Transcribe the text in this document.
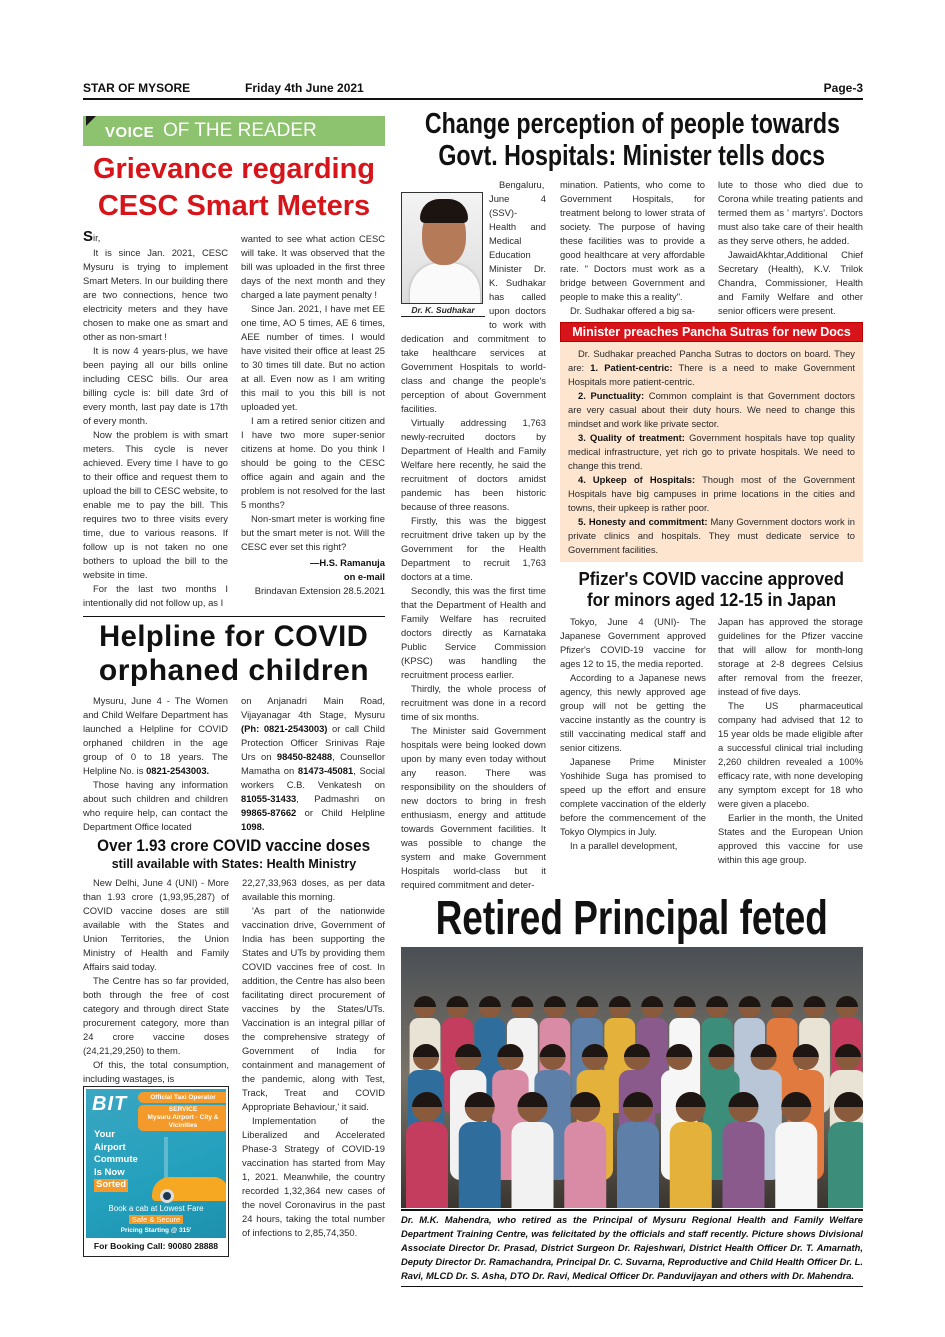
STAR OF MYSORE	Friday 4th June 2021	Page-3
VOICE OF THE READER
Grievance regarding
CESC Smart Meters
Sir,

It is since Jan. 2021, CESC Mysuru is trying to implement Smart Meters. In our building there are two connections, hence two electricity meters and they have chosen to make one as smart and other as non-smart !

It is now 4 years-plus, we have been paying all our bills online including CESC bills. Our area billing cycle is: bill date 3rd of every month, last pay date is 17th of every month.

Now the problem is with smart meters. This cycle is never achieved. Every time I have to go to their office and request them to upload the bill to CESC website, to enable me to pay the bill. This requires two to three visits every time, due to various reasons. If follow up is not taken no one bothers to upload the bill to the website in time.

For the last two months I intentionally did not follow up, as I

wanted to see what action CESC will take. It was observed that the bill was uploaded in the first three days of the next month and they charged a late payment penalty !

Since Jan. 2021, I have met EE one time, AO 5 times, AE 6 times, AEE number of times. I would have visited their office at least 25 to 30 times till date. But no action at all. Even now as I am writing this mail to you this bill is not uploaded yet.

I am a retired senior citizen and I have two more super-senior citizens at home. Do you think I should be going to the CESC office again and again and the problem is not resolved for the last 5 months?

Non-smart meter is working fine but the smart meter is not. Will the CESC ever set this right?

—H.S. Ramanuja
on e-mail
Brindavan Extension 28.5.2021
Helpline for COVID
orphaned children

Mysuru, June 4 - The Women and Child Welfare Department has launched a Helpline for COVID orphaned children in the age group of 0 to 18 years. The Helpline No. is 0821-2543003.

Those having any information about such children and children who require help, can contact the Department Office located

on Anjanadri Main Road, Vijayanagar 4th Stage, Mysuru (Ph: 0821-2543003) or call Child Protection Officer Srinivas Raje Urs on 98450-82488, Counsellor Mamatha on 81473-45081, Social workers C.B. Venkatesh on 81055-31433, Padmashri on 99865-87662 or Child Helpline 1098.

Over 1.93 crore COVID vaccine doses
still available with States: Health Ministry

New Delhi, June 4 (UNI) - More than 1.93 crore (1,93,95,287) of COVID vaccine doses are still available with the States and Union Territories, the Union Ministry of Health and Family Affairs said today.

The Centre has so far provided, both through the free of cost category and through direct State procurement category, more than 24 crore vaccine doses (24,21,29,250) to them.

Of this, the total consumption, including wastages, is

BIT	Official Taxi Operator
SERVICE
Mysuru Airport · City & Vicinities
Your
Airport
Commute
Is Now
Sorted
Book a cab at Lowest Fare
Safe & Secure
Pricing Starting @ 315'
For Booking Call: 90080 28888

22,27,33,963 doses, as per data available this morning.

'As part of the nationwide vaccination drive, Government of India has been supporting the States and UTs by providing them COVID vaccines free of cost. In addition, the Centre has also been facilitating direct procurement of vaccines by the States/UTs. Vaccination is an integral pillar of the comprehensive strategy of Government of India for containment and management of the pandemic, along with Test, Track, Treat and COVID Appropriate Behaviour,' it said.

Implementation of the Liberalized and Accelerated Phase-3 Strategy of COVID-19 vaccination has started from May 1, 2021. Meanwhile, the country recorded 1,32,364 new cases of the novel Coronavirus in the past 24 hours, taking the total number of infections to 2,85,74,350.

Change perception of people towards
Govt. Hospitals: Minister tells docs
Dr. K. Sudhakar

Bengaluru, June 4 (SSV)- Health and Medical Education Minister Dr. K. Sudhakar has called upon doctors to work with dedication and commitment to take healthcare services at Government Hospitals to world-class and change the people's perception of about Government facilities.

Virtually addressing 1,763 newly-recruited doctors by Department of Health and Family Welfare here recently, he said the recruitment of doctors amidst pandemic has been historic because of three reasons.

Firstly, this was the biggest recruitment drive taken up by the Government for the Health Department to recruit 1,763 doctors at a time.

Secondly, this was the first time that the Department of Health and Family Welfare has recruited doctors directly as Karnataka Public Service Commission (KPSC) was handling the recruitment process earlier.

Thirdly, the whole process of recruitment was done in a record time of six months.

The Minister said Government hospitals were being looked down upon by many even today without any reason. There was responsibility on the shoulders of new doctors to bring in fresh enthusiasm, energy and attitude towards Government facilities. It was possible to change the system and make Government Hospitals world-class but it required commitment and deter-

mination. Patients, who come to Government Hospitals, for treatment belong to lower strata of society. The purpose of having these facilities was to provide a good healthcare at very affordable rate. " Doctors must work as a bridge between Government and people to make this a reality".

Dr. Sudhakar offered a big sa-

lute to those who died due to Corona while treating patients and termed them as ' martyrs'. Doctors must also take care of their health as they serve others, he added.

JawaidAkhtar,Additional Chief Secretary (Health), K.V. Trilok Chandra, Commissioner, Health and Family Welfare and other senior officers were present.

Minister preaches Pancha Sutras for new Docs

Dr. Sudhakar preached Pancha Sutras to doctors on board. They are: 1. Patient-centric: There is a need to make Government Hospitals more patient-centric.

2. Punctuality: Common complaint is that Government doctors are very casual about their duty hours. We need to change this mindset and work like private sector.

3. Quality of treatment: Government hospitals have top quality medical infrastructure, yet rich go to private hospitals. We need to change this trend.

4. Upkeep of Hospitals: Though most of the Government Hospitals have big campuses in prime locations in the cities and towns, their upkeep is rather poor.

5. Honesty and commitment: Many Government doctors work in private clinics and hospitals. They must dedicate service to Government facilities.

Pfizer's COVID vaccine approved
for minors aged 12-15 in Japan

Tokyo, June 4 (UNI)- The Japanese Government approved Pfizer's COVID-19 vaccine for ages 12 to 15, the media reported.

According to a Japanese news agency, this newly approved age group will not be getting the vaccine instantly as the country is still vaccinating medical staff and senior citizens.

Japanese Prime Minister Yoshihide Suga has promised to speed up the effort and ensure complete vaccination of the elderly before the commencement of the Tokyo Olympics in July.

In a parallel development,

Japan has approved the storage guidelines for the Pfizer vaccine that will allow for month-long storage at 2-8 degrees Celsius after removal from the freezer, instead of five days.

The US pharmaceutical company had advised that 12 to 15 year olds be made eligible after a successful clinical trial including 2,260 children revealed a 100% efficacy rate, with none developing any symptom except for 18 who were given a placebo.

Earlier in the month, the United States and the European Union approved this vaccine for use within this age group.

Retired Principal feted
Dr. M.K. Mahendra, who retired as the Principal of Mysuru Regional Health and Family Welfare Department Training Centre, was felicitated by the officials and staff recently. Picture shows Divisional Associate Director Dr. Prasad, District Surgeon Dr. Rajeshwari, District Health Officer Dr. T. Amarnath, Deputy Director Dr. Ramachandra, Principal Dr. C. Suvarna, Reproductive and Child Health Officer Dr. L. Ravi, MLCD Dr. S. Asha, DTO Dr. Ravi, Medical Officer Dr. Panduvijayan and others with Dr. Mahendra.
